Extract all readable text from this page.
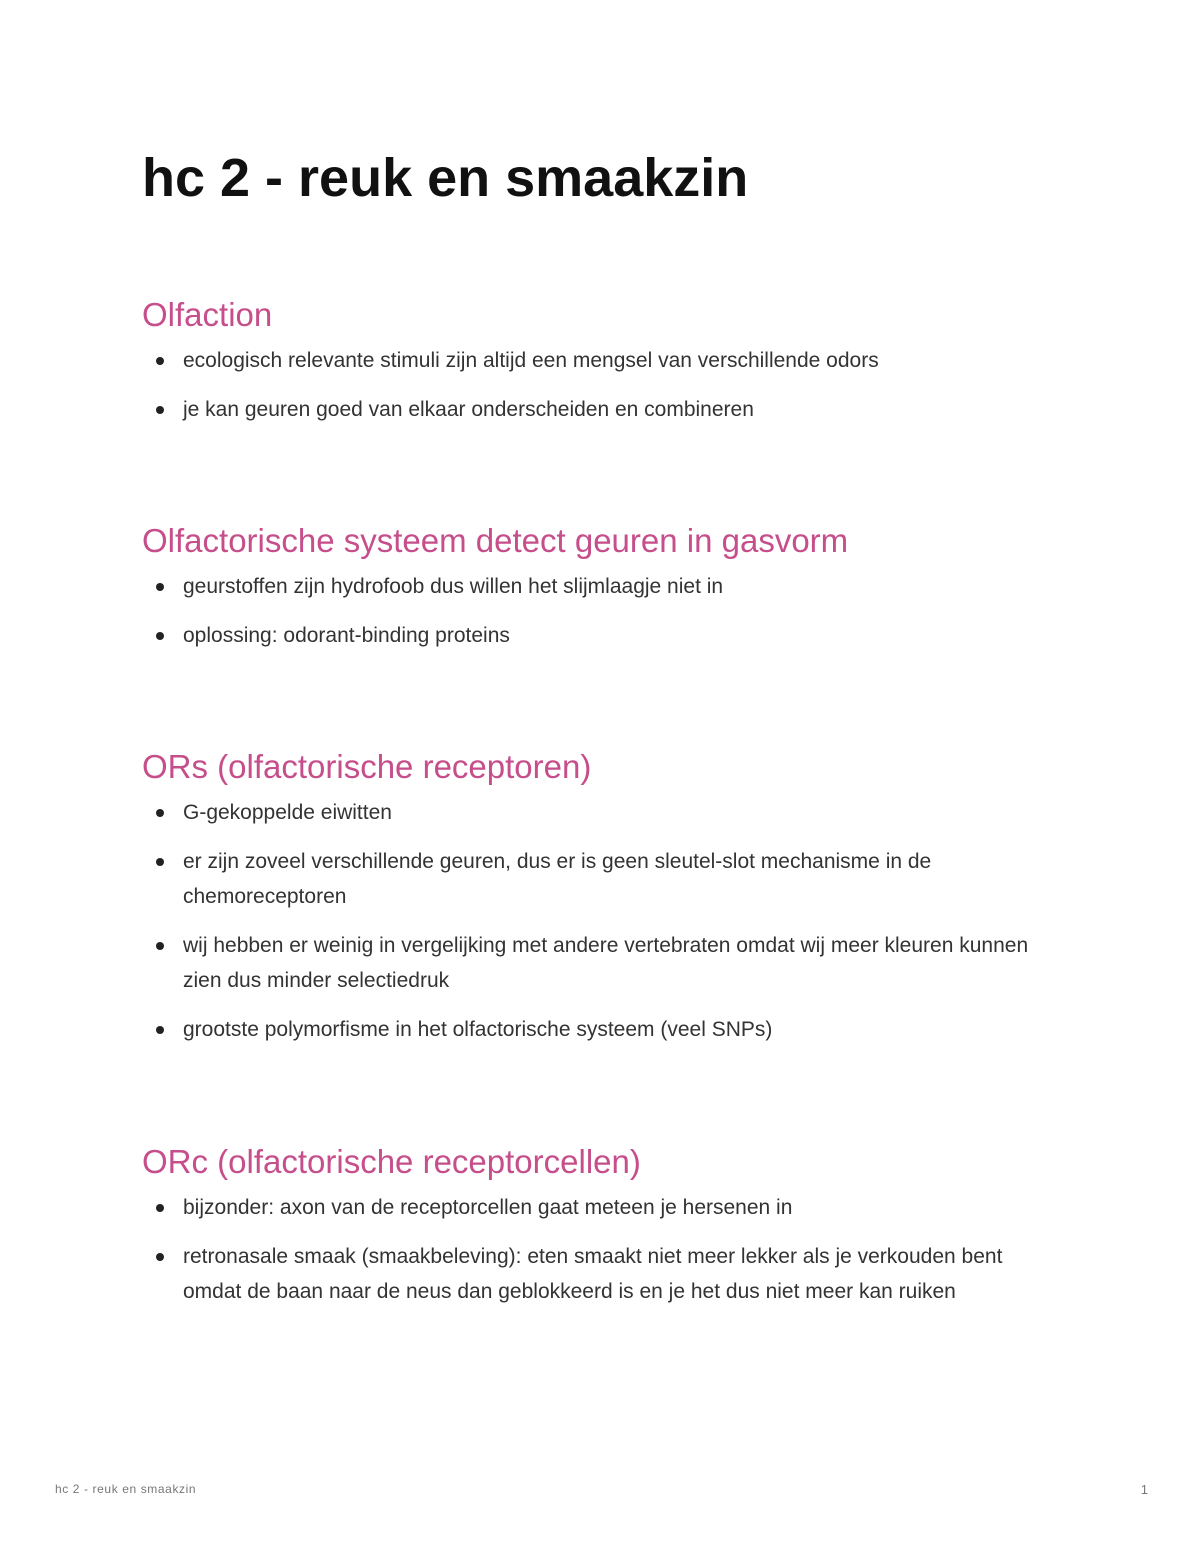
hc 2 - reuk en smaakzin
Olfaction
ecologisch relevante stimuli zijn altijd een mengsel van verschillende odors
je kan geuren goed van elkaar onderscheiden en combineren
Olfactorische systeem detect geuren in gasvorm
geurstoffen zijn hydrofoob dus willen het slijmlaagje niet in
oplossing: odorant-binding proteins
ORs (olfactorische receptoren)
G-gekoppelde eiwitten
er zijn zoveel verschillende geuren, dus er is geen sleutel-slot mechanisme in de chemoreceptoren
wij hebben er weinig in vergelijking met andere vertebraten omdat wij meer kleuren kunnen zien dus minder selectiedruk
grootste polymorfisme in het olfactorische systeem (veel SNPs)
ORc (olfactorische receptorcellen)
bijzonder: axon van de receptorcellen gaat meteen je hersenen in
retronasale smaak (smaakbeleving): eten smaakt niet meer lekker als je verkouden bent omdat de baan naar de neus dan geblokkeerd is en je het dus niet meer kan ruiken
hc 2 - reuk en smaakzin	1
